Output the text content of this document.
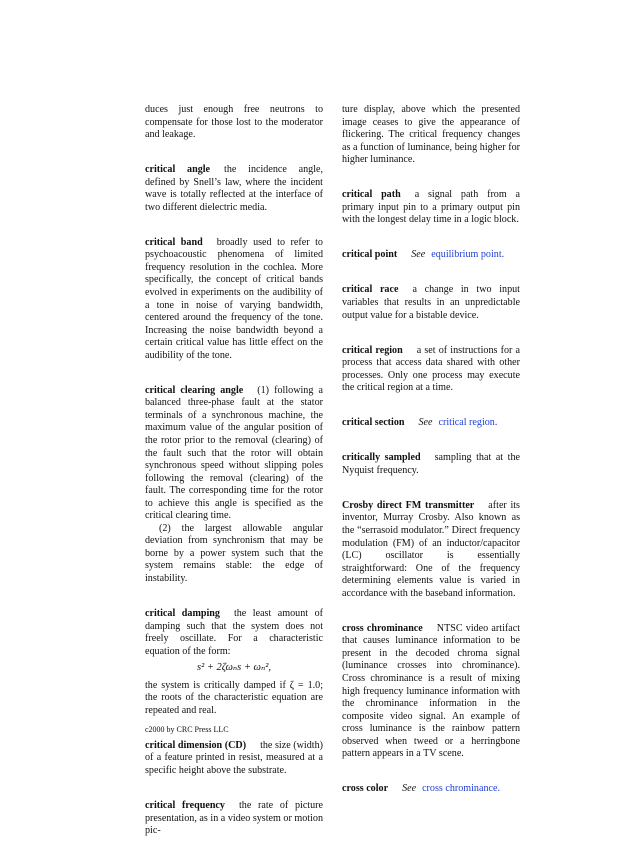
duces just enough free neutrons to compensate for those lost to the moderator and leakage.

critical angle the incidence angle, defined by Snell’s law, where the incident wave is totally reflected at the interface of two different dielectric media.

critical band broadly used to refer to psychoacoustic phenomena of limited frequency resolution in the cochlea. More specifically, the concept of critical bands evolved in experiments on the audibility of a tone in noise of varying bandwidth, centered around the frequency of the tone. Increasing the noise bandwidth beyond a certain critical value has little effect on the audibility of the tone.

critical clearing angle (1) following a balanced three-phase fault at the stator terminals of a synchronous machine, the maximum value of the angular position of the rotor prior to the removal (clearing) of the fault such that the rotor will obtain synchronous speed without slipping poles following the removal (clearing) of the fault. The corresponding time for the rotor to achieve this angle is specified as the critical clearing time.

(2) the largest allowable angular deviation from synchronism that may be borne by a power system such that the system remains stable: the edge of instability.

critical damping the least amount of damping such that the system does not freely oscillate. For a characteristic equation of the form:

s² + 2ζωₙs + ωₙ²,

the system is critically damped if ζ = 1.0; the roots of the characteristic equation are repeated and real.

critical dimension (CD) the size (width) of a feature printed in resist, measured at a specific height above the substrate.

critical frequency the rate of picture presentation, as in a video system or motion pic-

ture display, above which the presented image ceases to give the appearance of flickering. The critical frequency changes as a function of luminance, being higher for higher luminance.

critical path a signal path from a primary input pin to a primary output pin with the longest delay time in a logic block.

critical point See equilibrium point.

critical race a change in two input variables that results in an unpredictable output value for a bistable device.

critical region a set of instructions for a process that access data shared with other processes. Only one process may execute the critical region at a time.

critical section See critical region.

critically sampled sampling that at the Nyquist frequency.

Crosby direct FM transmitter after its inventor, Murray Crosby. Also known as the “serrasoid modulator.” Direct frequency modulation (FM) of an inductor/capacitor (LC) oscillator is essentially straightforward: One of the frequency determining elements value is varied in accordance with the baseband information.

cross chrominance NTSC video artifact that causes luminance information to be present in the decoded chroma signal (luminance crosses into chrominance). Cross chrominance is a result of mixing high frequency luminance information with the chrominance information in the composite video signal. An example of cross luminance is the rainbow pattern observed when tweed or a herringbone pattern appears in a TV scene.

cross color See cross chrominance.

c2000 by CRC Press LLC
